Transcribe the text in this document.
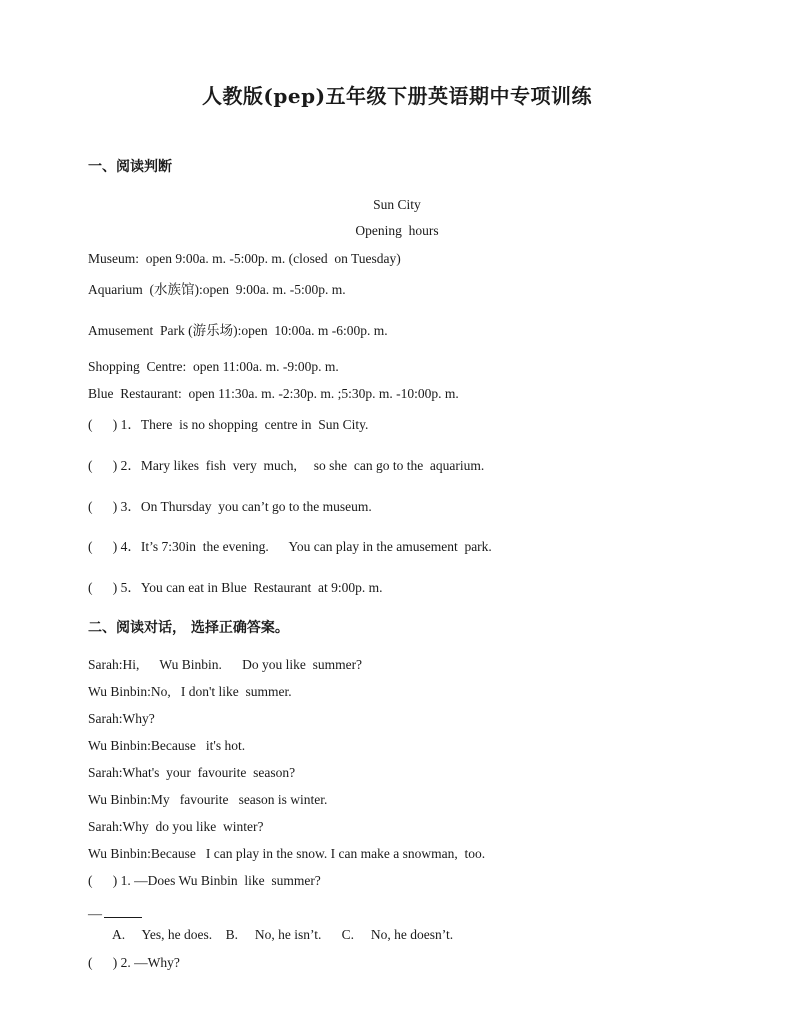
人教版(pep)五年级下册英语期中专项训练
一、阅读判断
Sun City
Opening  hours
Museum:  open 9:00a. m. -5:00p. m. (closed  on Tuesday)
Aquarium  (水族馆):open  9:00a. m. -5:00p. m.
Amusement  Park (游乐场):open  10:00a. m -6:00p. m.
Shopping  Centre:  open 11:00a. m. -9:00p. m.
Blue  Restaurant:  open 11:30a. m. -2:30p. m. ;5:30p. m. -10:00p. m.
(      ) 1．There  is no shopping  centre in  Sun City.
(      ) 2．Mary likes  fish  very  much,     so she  can go to the  aquarium.
(      ) 3．On Thursday  you can’t go to the museum.
(      ) 4．It’s 7:30in  the evening.      You can play in the amusement  park.
(      ) 5．You can eat in Blue  Restaurant  at 9:00p. m.
二、阅读对话， 选择正确答案。
Sarah:Hi,      Wu Binbin.      Do you like  summer?
Wu Binbin:No,   I don't like  summer.
Sarah:Why?
Wu Binbin:Because   it's hot.
Sarah:What's  your  favourite  season?
Wu Binbin:My   favourite   season is winter.
Sarah:Why  do you like  winter?
Wu Binbin:Because   I can play in the snow. I can make a snowman,  too.
(      ) 1. —Does Wu Binbin  like  summer?
—
A.     Yes, he does.    B.     No, he isn’t.      C.     No, he doesn’t.
(      ) 2. —Why?
